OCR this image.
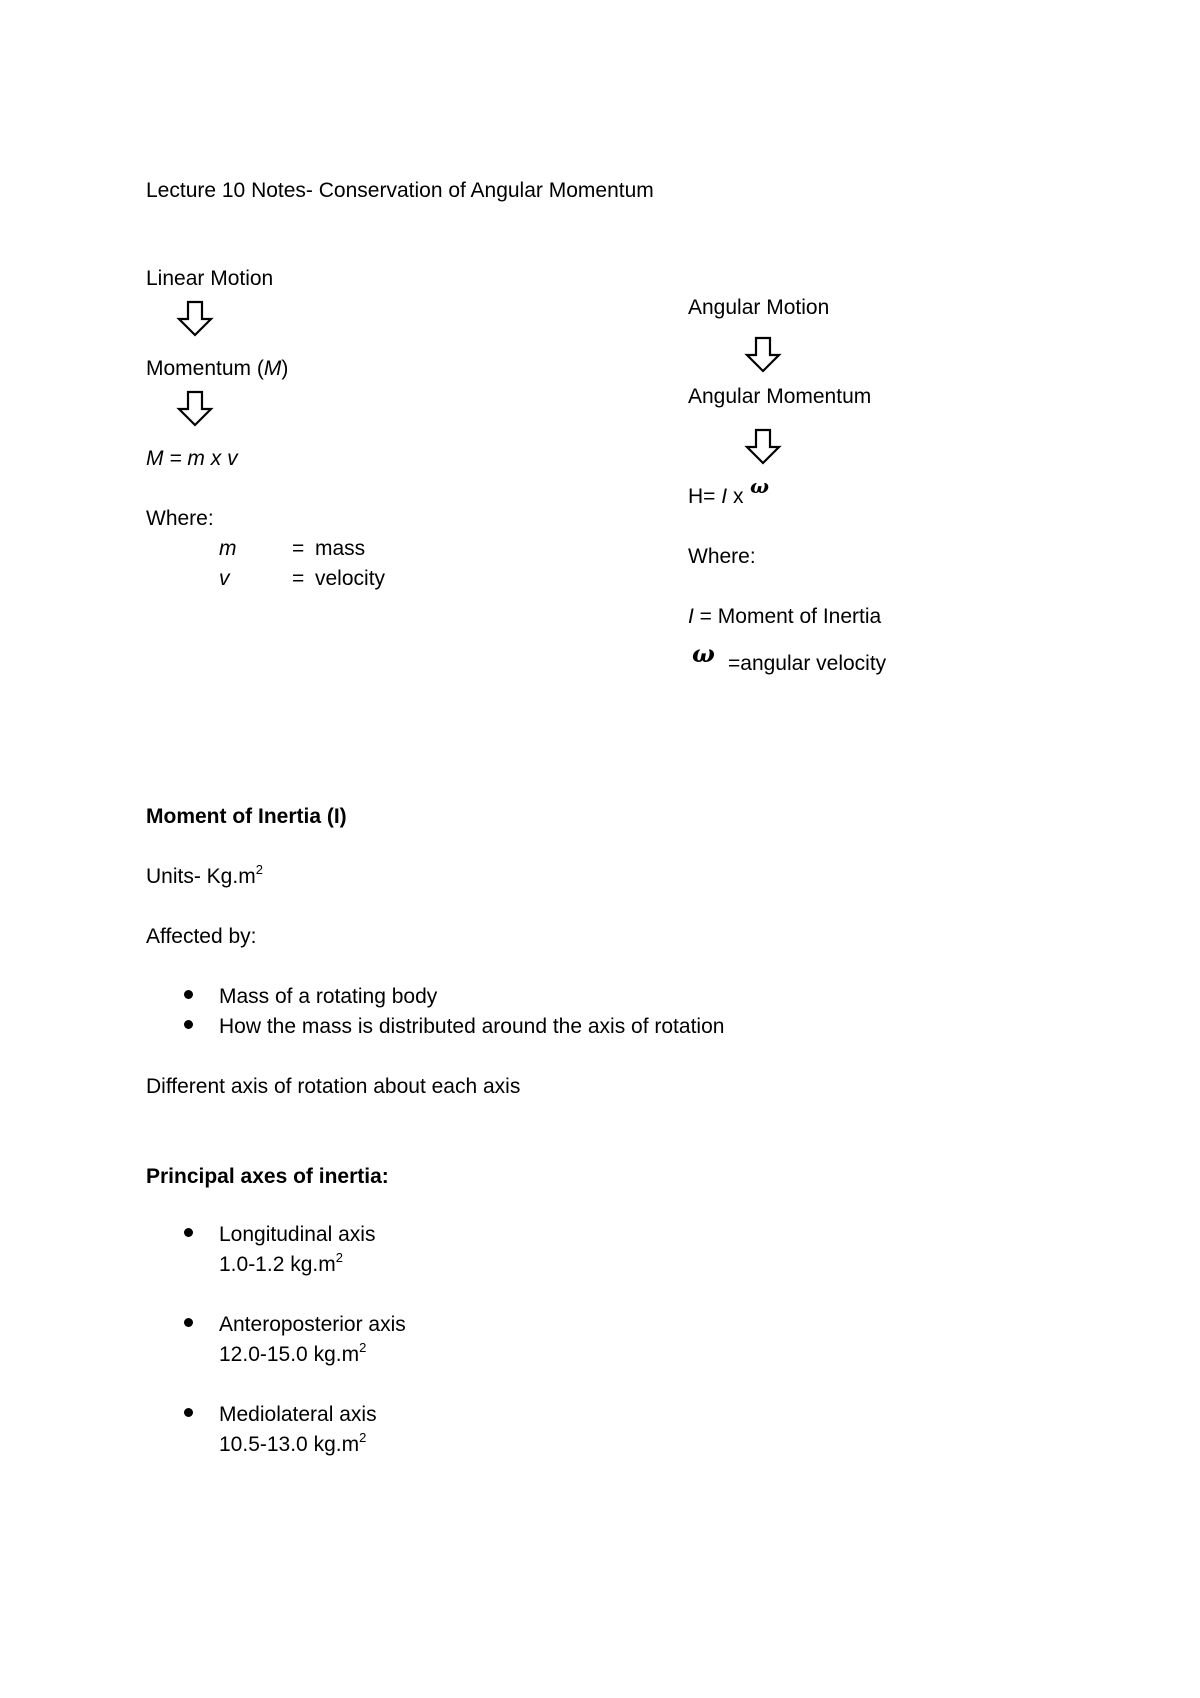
Lecture 10 Notes- Conservation of Angular Momentum
Linear Motion
Momentum (M)
M = m x v
Where:
m	= mass
v	= velocity
Angular Motion
Angular Momentum
H= I x ω
Where:
I = Moment of Inertia
ω =angular velocity
Moment of Inertia (I)
Units- $Kg.m^2$
Affected by:
Mass of a rotating body
How the mass is distributed around the axis of rotation
Different axis of rotation about each axis
Principal axes of inertia:
Longitudinal axis
1.0-1.2 $kg.m^2$
Anteroposterior axis
12.0-15.0 $kg.m^2$
Mediolateral axis
10.5-13.0 $kg.m^2$
